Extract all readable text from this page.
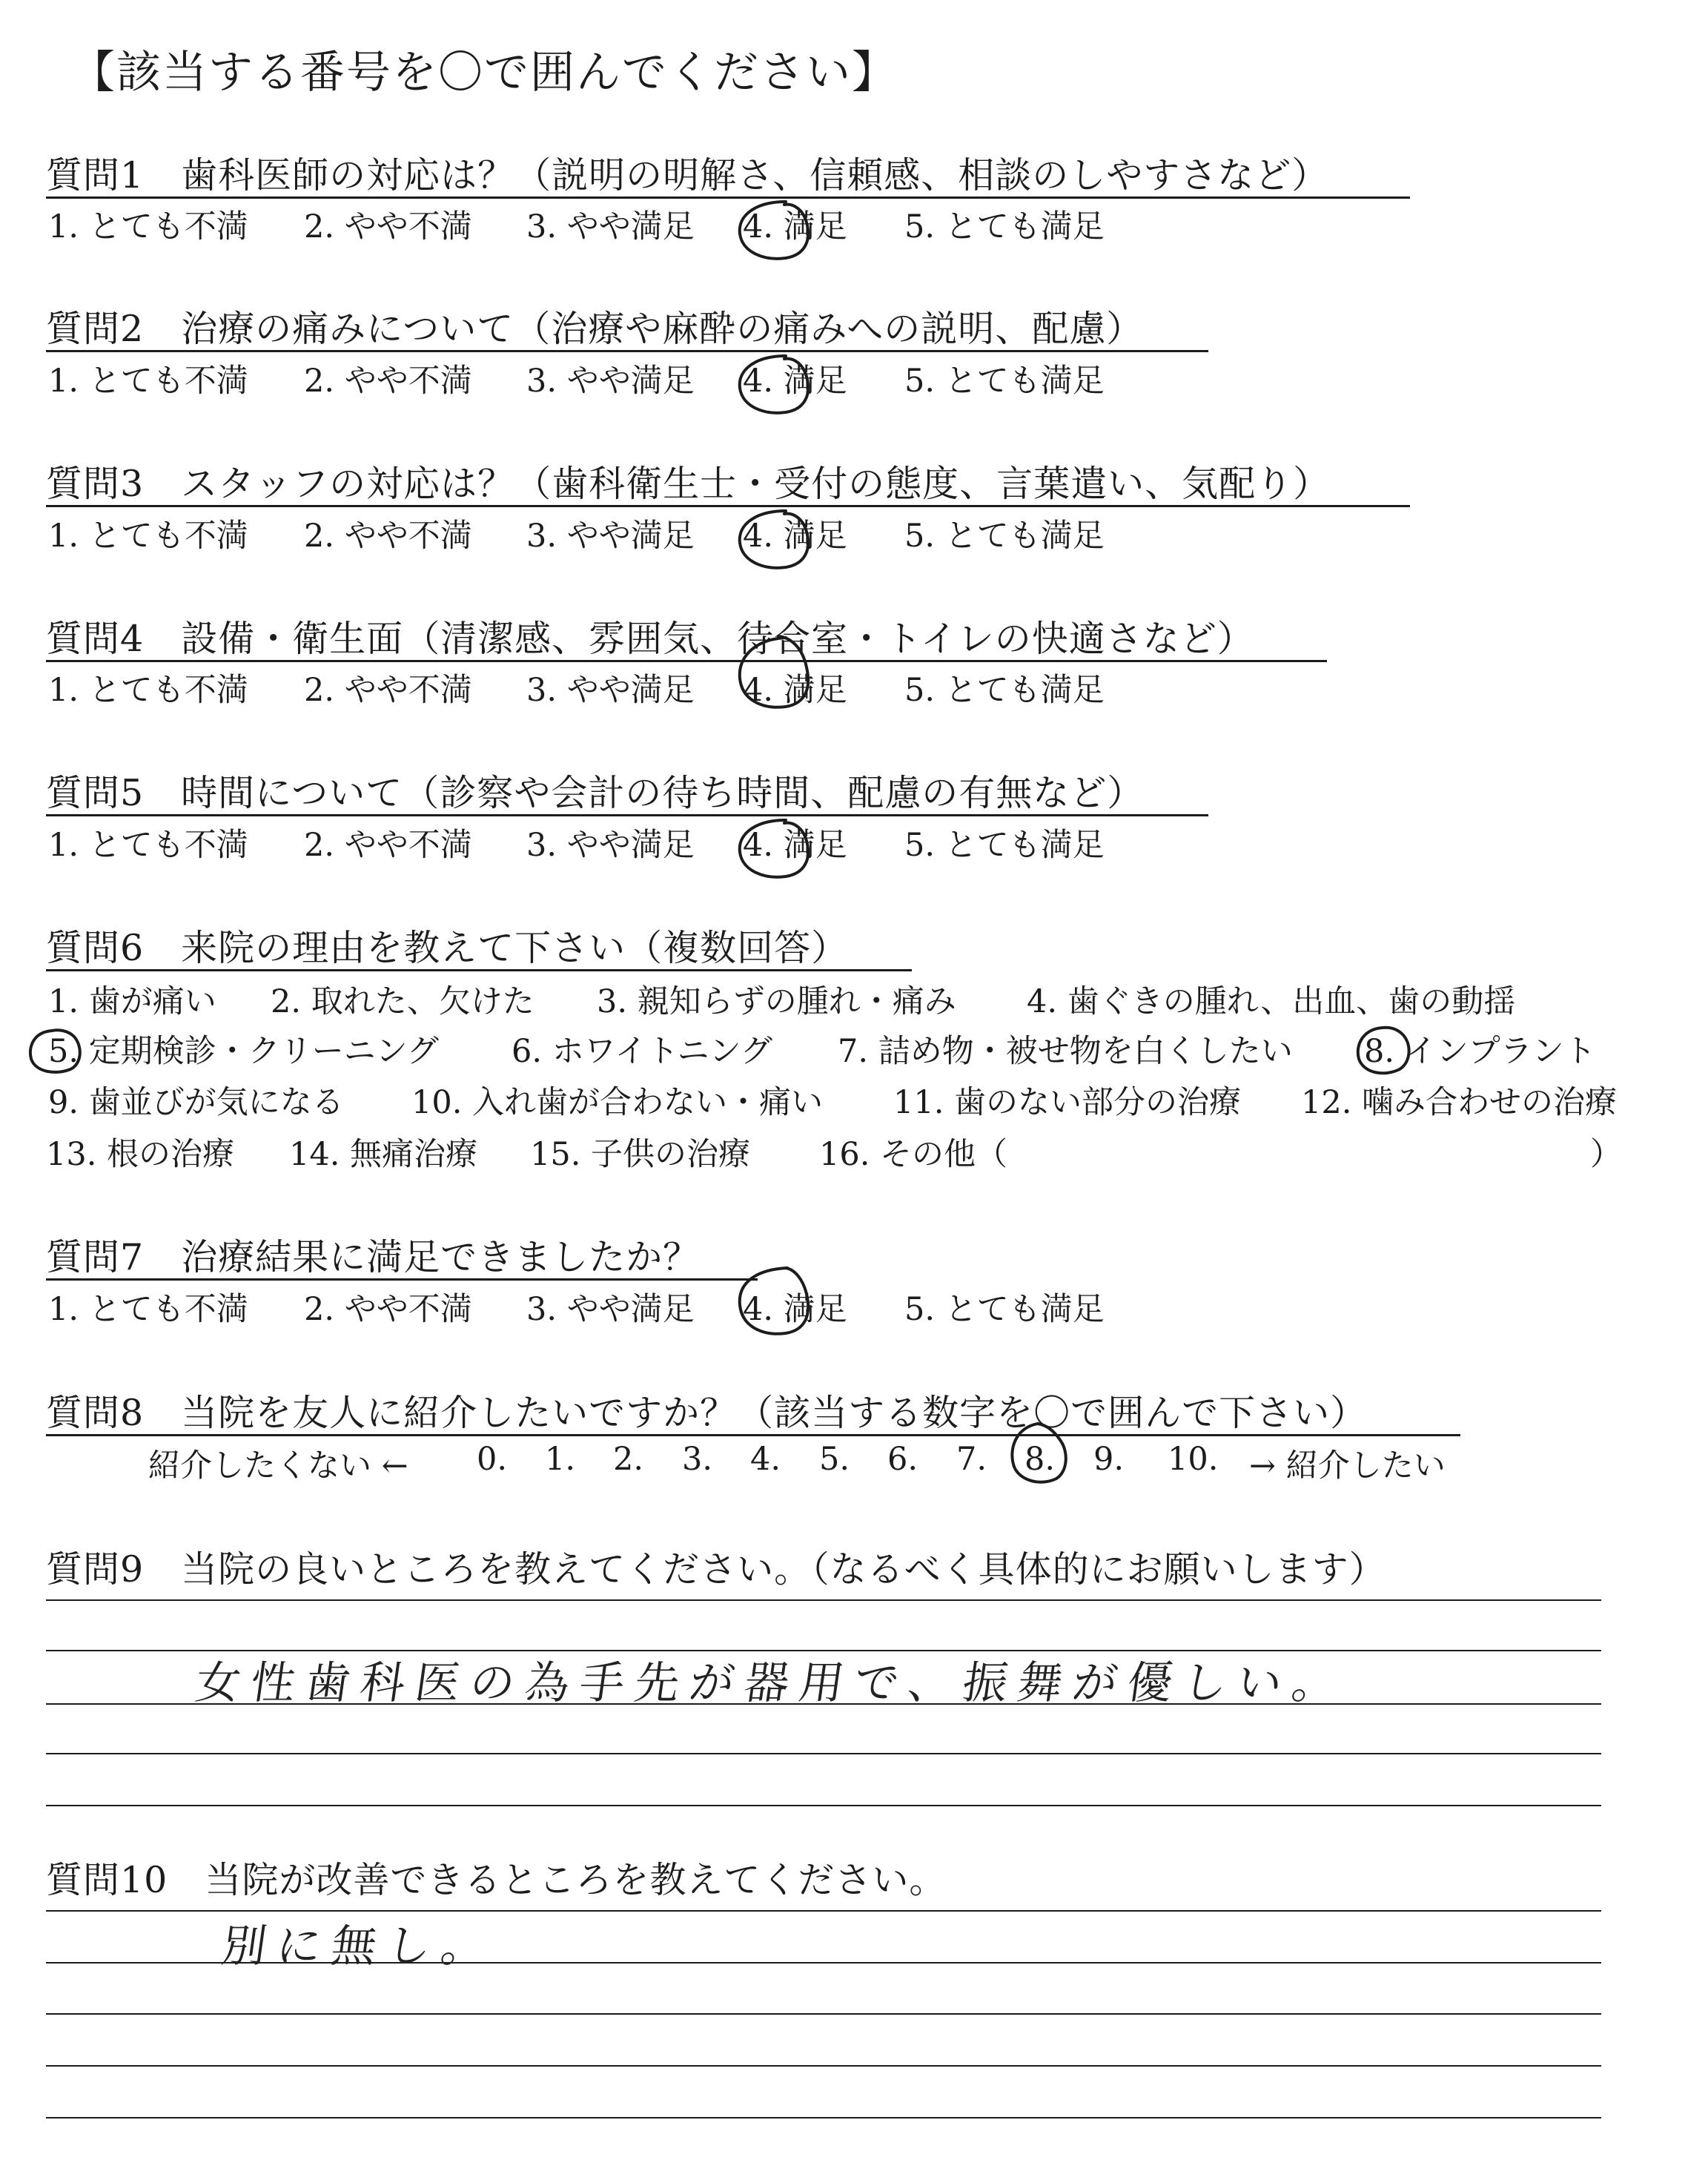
【該当する番号を〇で囲んでください】
質問1　歯科医師の対応は？（説明の明解さ、信頼感、相談のしやすさなど）
1. とても不満 2. やや不満 3. やや満足 4. 満足 5. とても満足
質問2　治療の痛みについて（治療や麻酔の痛みへの説明、配慮）
1. とても不満 2. やや不満 3. やや満足 4. 満足 5. とても満足
質問3　スタッフの対応は？（歯科衛生士・受付の態度、言葉遣い、気配り）
1. とても不満 2. やや不満 3. やや満足 4. 満足 5. とても満足
質問4　設備・衛生面（清潔感、雰囲気、待合室・トイレの快適さなど）
1. とても不満 2. やや不満 3. やや満足 4. 満足 5. とても満足
質問5　時間について（診察や会計の待ち時間、配慮の有無など）
1. とても不満 2. やや不満 3. やや満足 4. 満足 5. とても満足
質問6　来院の理由を教えて下さい（複数回答）
1. 歯が痛い 2. 取れた、欠けた 3. 親知らずの腫れ・痛み 4. 歯ぐきの腫れ、出血、歯の動揺
5. 定期検診・クリーニング 6. ホワイトニング 7. 詰め物・被せ物を白くしたい 8. インプラント
9. 歯並びが気になる 10. 入れ歯が合わない・痛い 11. 歯のない部分の治療 12. 噛み合わせの治療
13. 根の治療 14. 無痛治療 15. 子供の治療 16. その他（	）
質問7　治療結果に満足できましたか？
1. とても不満 2. やや不満 3. やや満足 4. 満足 5. とても満足
質問8　当院を友人に紹介したいですか？（該当する数字を〇で囲んで下さい）
紹介したくない ← 0. 1. 2. 3. 4. 5. 6. 7. 8. 9. 10. → 紹介したい
質問9　当院の良いところを教えてください。（なるべく具体的にお願いします）
女性歯科医の為手先が器用で、振舞が優しい。
質問10　当院が改善できるところを教えてください。
別に無し。
